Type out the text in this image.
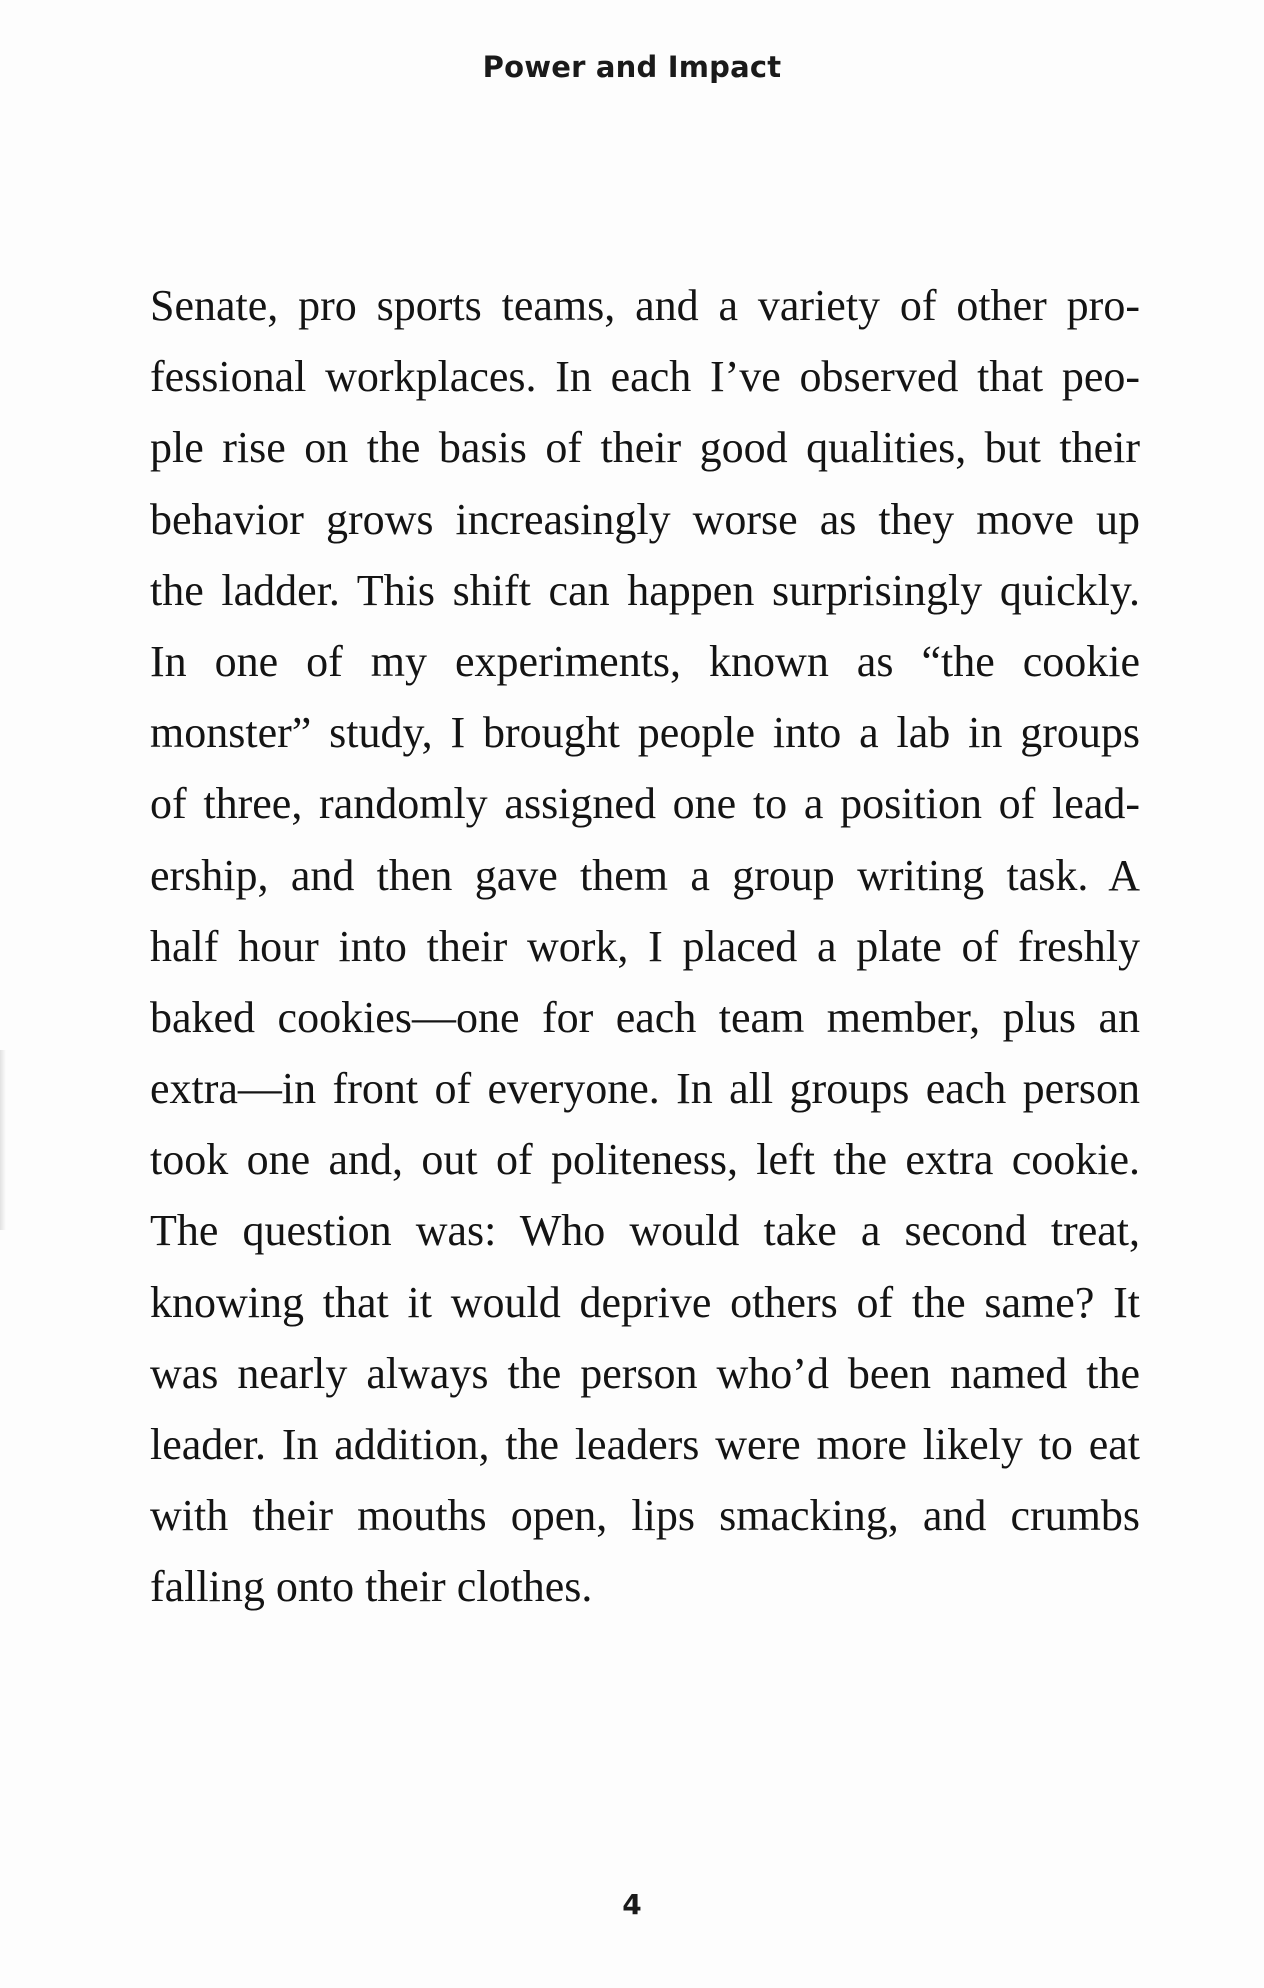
Power and Impact
Senate, pro sports teams, and a variety of other pro-
fessional workplaces. In each I’ve observed that peo-
ple rise on the basis of their good qualities, but their
behavior grows increasingly worse as they move up
the ladder. This shift can happen surprisingly quickly.
In one of my experiments, known as “the cookie
monster” study, I brought people into a lab in groups
of three, randomly assigned one to a position of lead-
ership, and then gave them a group writing task. A
half hour into their work, I placed a plate of freshly
baked cookies—one for each team member, plus an
extra—in front of everyone. In all groups each person
took one and, out of politeness, left the extra cookie.
The question was: Who would take a second treat,
knowing that it would deprive others of the same? It
was nearly always the person who’d been named the
leader. In addition, the leaders were more likely to eat
with their mouths open, lips smacking, and crumbs
falling onto their clothes.
4
